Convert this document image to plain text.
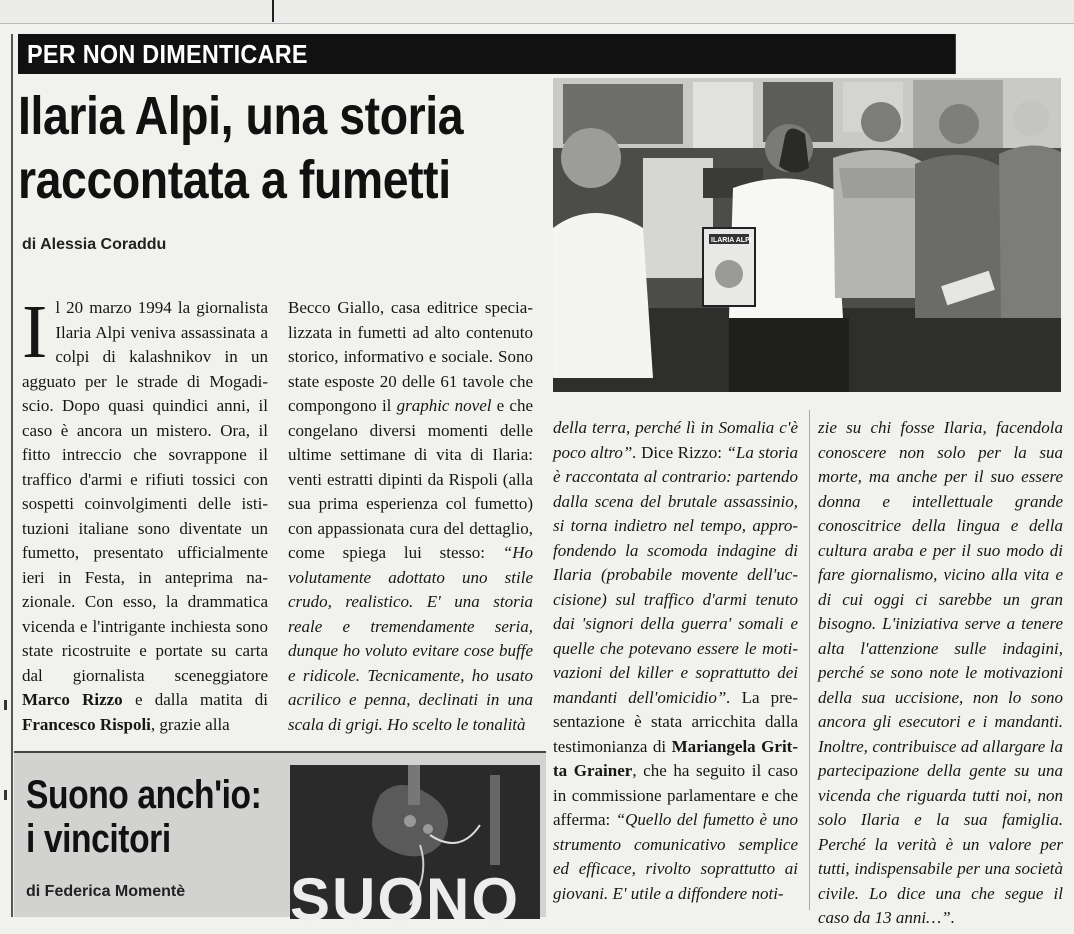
PER NON DIMENTICARE
Ilaria Alpi, una storia
raccontata a fumetti
di Alessia Coraddu	ILARIA ALPI
Il 20 marzo 1994 la giornalista Ilaria Alpi veniva assassinata a colpi di kalashnikov in un agguato per le strade di Mogadiscio. Dopo quasi quindici anni, il caso è ancora un mistero. Ora, il fitto intreccio che sovrappone il traffico d'armi e rifiuti tossici con sospetti coinvolgimenti delle istituzioni italiane sono diventate un fumetto, presentato ufficialmente ieri in Festa, in anteprima nazionale. Con esso, la drammatica vicenda e l'intrigante inchiesta sono state ricostruite e portate su carta dal giornalista sceneggiatore Marco Rizzo e dalla matita di Francesco Rispoli, grazie alla
Becco Giallo, casa editrice specializzata in fumetti ad alto contenuto storico, informativo e sociale. Sono state esposte 20 delle 61 tavole che compongono il graphic novel e che congelano diversi momenti delle ultime settimane di vita di Ilaria: venti estratti dipinti da Rispoli (alla sua prima esperienza col fumetto) con appassionata cura del dettaglio, come spiega lui stesso: “Ho volutamente adottato uno stile crudo, realistico. E' una storia reale e tremendamente seria, dunque ho voluto evitare cose buffe e ridicole. Tecnicamente, ho usato acrilico e penna, declinati in una scala di grigi. Ho scelto le tonalità
della terra, perché lì in Somalia c'è poco altro”. Dice Rizzo: “La storia è raccontata al contrario: partendo dalla scena del brutale assassinio, si torna indietro nel tempo, approfondendo la scomoda indagine di Ilaria (probabile movente dell'uccisione) sul traffico d'armi tenuto dai 'signori della guerra' somali e quelle che potevano essere le motivazioni del killer e soprattutto dei mandanti dell'omicidio”. La presentazione è stata arricchita dalla testimonianza di Mariangela Gritta Grainer, che ha seguito il caso in commissione parlamentare e che afferma: “Quello del fumetto è uno strumento comunicativo semplice ed efficace, rivolto soprattutto ai giovani. E' utile a diffondere noti-
zie su chi fosse Ilaria, facendola conoscere non solo per la sua morte, ma anche per il suo essere donna e intellettuale grande conoscitrice della lingua e della cultura araba e per il suo modo di fare giornalismo, vicino alla vita e di cui oggi ci sarebbe un gran bisogno. L'iniziativa serve a tenere alta l'attenzione sulle indagini, perché se sono note le motivazioni della sua uccisione, non lo sono ancora gli esecutori e i mandanti. Inoltre, contribuisce ad allargare la partecipazione della gente su una vicenda che riguarda tutti noi, non solo Ilaria e la sua famiglia. Perché la verità è un valore per tutti, indispensabile per una società civile. Lo dice una che segue il caso da 13 anni…”.
Suono anch'io:
i vincitori
di Federica Momentè SUONO
